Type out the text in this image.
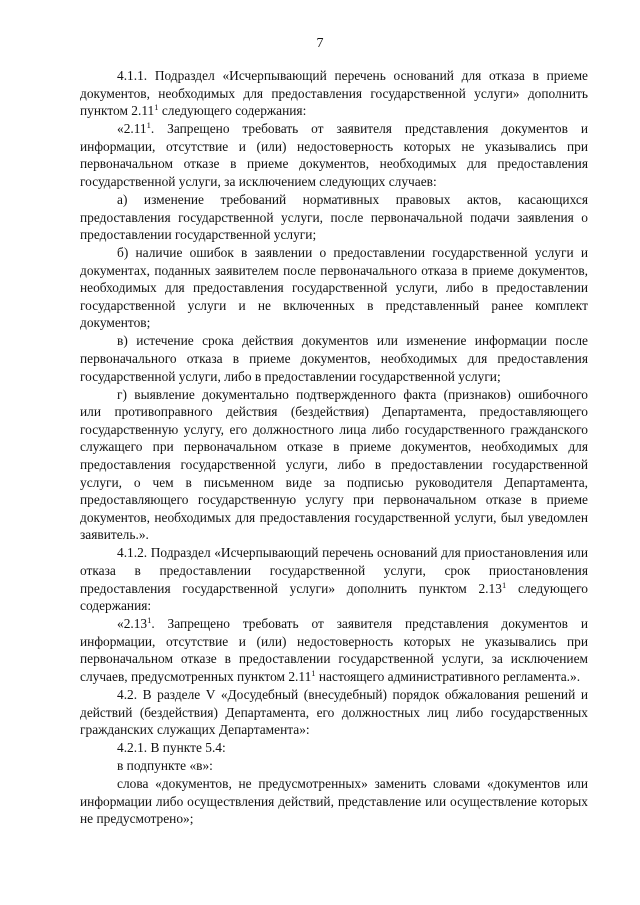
7

4.1.1. Подраздел «Исчерпывающий перечень оснований для отказа в приеме документов, необходимых для предоставления государственной услуги» дополнить пунктом 2.11$^1$ следующего содержания:

«2.11$^1$. Запрещено требовать от заявителя представления документов и информации, отсутствие и (или) недостоверность которых не указывались при первоначальном отказе в приеме документов, необходимых для предоставления государственной услуги, за исключением следующих случаев:

а) изменение требований нормативных правовых актов, касающихся предоставления государственной услуги, после первоначальной подачи заявления о предоставлении государственной услуги;

б) наличие ошибок в заявлении о предоставлении государственной услуги и документах, поданных заявителем после первоначального отказа в приеме документов, необходимых для предоставления государственной услуги, либо в предоставлении государственной услуги и не включенных в представленный ранее комплект документов;

в) истечение срока действия документов или изменение информации после первоначального отказа в приеме документов, необходимых для предоставления государственной услуги, либо в предоставлении государственной услуги;

г) выявление документально подтвержденного факта (признаков) ошибочного или противоправного действия (бездействия) Департамента, предоставляющего государственную услугу, его должностного лица либо государственного гражданского служащего при первоначальном отказе в приеме документов, необходимых для предоставления государственной услуги, либо в предоставлении государственной услуги, о чем в письменном виде за подписью руководителя Департамента, предоставляющего государственную услугу при первоначальном отказе в приеме документов, необходимых для предоставления государственной услуги, был уведомлен заявитель.».

4.1.2. Подраздел «Исчерпывающий перечень оснований для приостановления или отказа в предоставлении государственной услуги, срок приостановления предоставления государственной услуги» дополнить пунктом 2.13$^1$ следующего содержания:

«2.13$^1$. Запрещено требовать от заявителя представления документов и информации, отсутствие и (или) недостоверность которых не указывались при первоначальном отказе в предоставлении государственной услуги, за исключением случаев, предусмотренных пунктом 2.11$^1$ настоящего административного регламента.».

4.2. В разделе V «Досудебный (внесудебный) порядок обжалования решений и действий (бездействия) Департамента, его должностных лиц либо государственных гражданских служащих Департамента»:

4.2.1. В пункте 5.4:

в подпункте «в»:

слова «документов, не предусмотренных» заменить словами «документов или информации либо осуществления действий, представление или осуществление которых не предусмотрено»;
